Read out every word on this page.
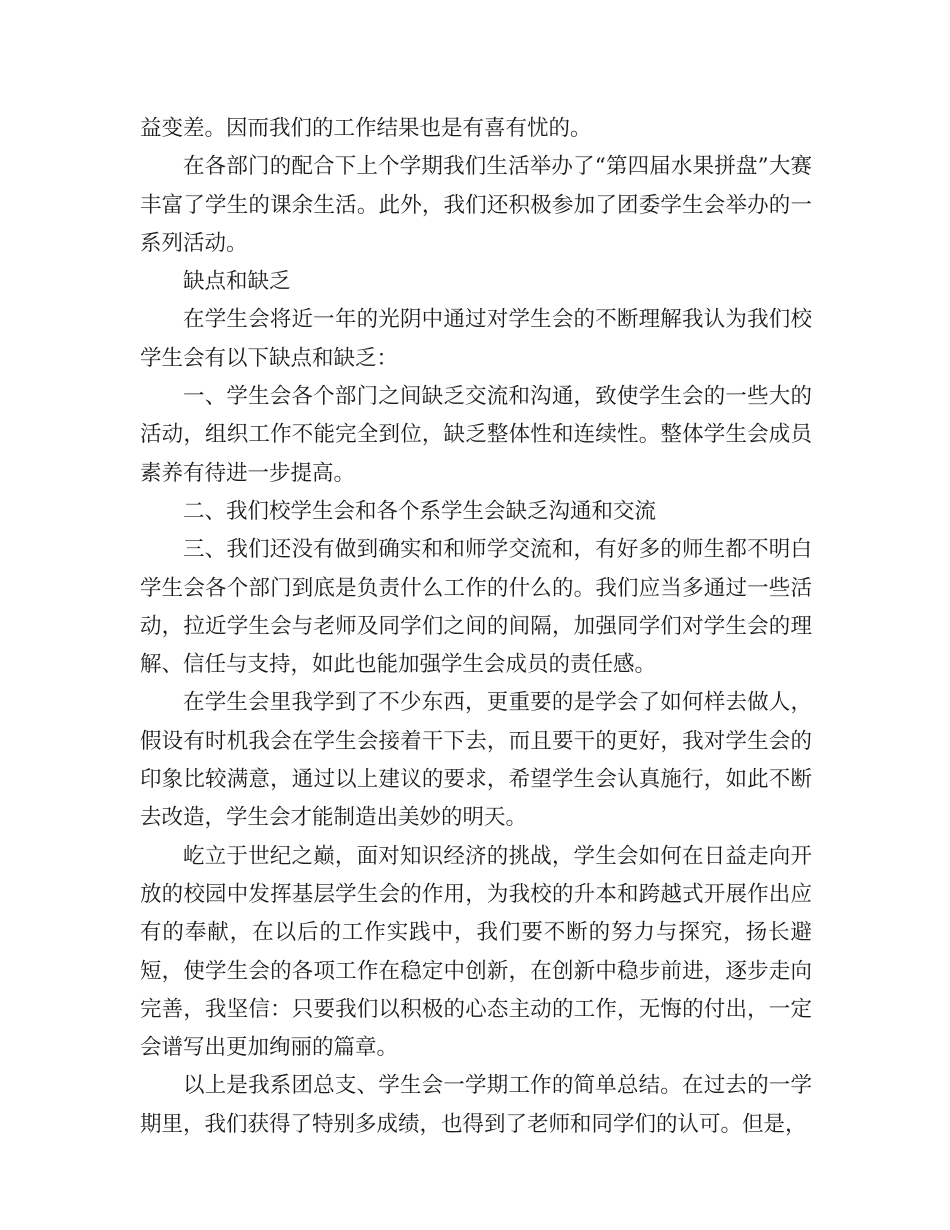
益变差。因而我们的工作结果也是有喜有忧的。

在各部门的配合下上个学期我们生活举办了“第四届水果拼盘”大赛丰富了学生的课余生活。此外，我们还积极参加了团委学生会举办的一系列活动。

缺点和缺乏

在学生会将近一年的光阴中通过对学生会的不断理解我认为我们校学生会有以下缺点和缺乏：

一、学生会各个部门之间缺乏交流和沟通，致使学生会的一些大的活动，组织工作不能完全到位，缺乏整体性和连续性。整体学生会成员素养有待进一步提高。

二、我们校学生会和各个系学生会缺乏沟通和交流

三、我们还没有做到确实和和师学交流和，有好多的师生都不明白学生会各个部门到底是负责什么工作的什么的。我们应当多通过一些活动，拉近学生会与老师及同学们之间的间隔，加强同学们对学生会的理解、信任与支持，如此也能加强学生会成员的责任感。

在学生会里我学到了不少东西，更重要的是学会了如何样去做人，假设有时机我会在学生会接着干下去，而且要干的更好，我对学生会的印象比较满意，通过以上建议的要求，希望学生会认真施行，如此不断去改造，学生会才能制造出美妙的明天。

屹立于世纪之巅，面对知识经济的挑战，学生会如何在日益走向开放的校园中发挥基层学生会的作用，为我校的升本和跨越式开展作出应有的奉献，在以后的工作实践中，我们要不断的努力与探究，扬长避短，使学生会的各项工作在稳定中创新，在创新中稳步前进，逐步走向完善，我坚信：只要我们以积极的心态主动的工作，无悔的付出，一定会谱写出更加绚丽的篇章。

以上是我系团总支、学生会一学期工作的简单总结。在过去的一学期里，我们获得了特别多成绩，也得到了老师和同学们的认可。但是，
